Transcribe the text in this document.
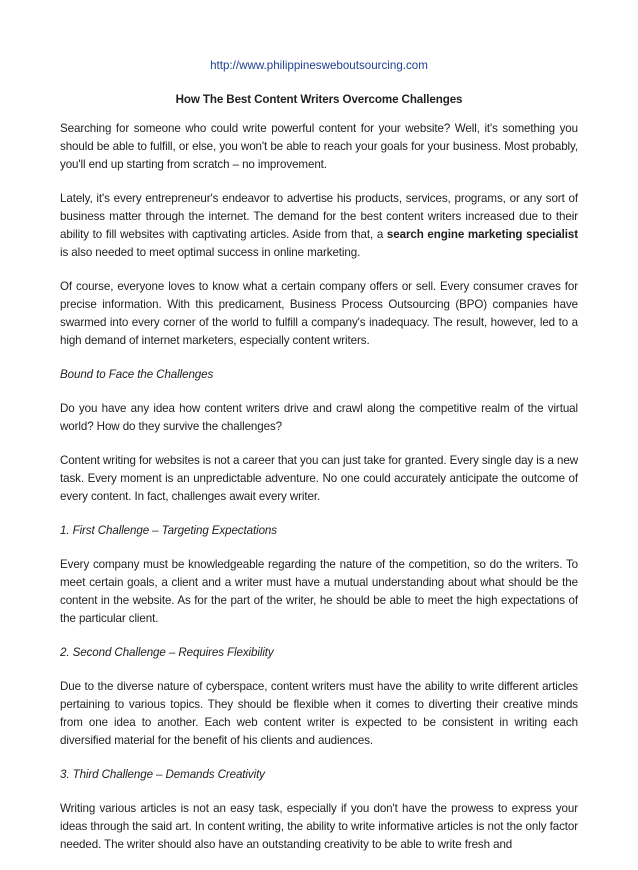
http://www.philippinesweboutsourcing.com
How The Best Content Writers Overcome Challenges

Searching for someone who could write powerful content for your website? Well, it's something you should be able to fulfill, or else, you won't be able to reach your goals for your business. Most probably, you'll end up starting from scratch – no improvement.

Lately, it's every entrepreneur's endeavor to advertise his products, services, programs, or any sort of business matter through the internet. The demand for the best content writers increased due to their ability to fill websites with captivating articles. Aside from that, a search engine marketing specialist is also needed to meet optimal success in online marketing.

Of course, everyone loves to know what a certain company offers or sell. Every consumer craves for precise information. With this predicament, Business Process Outsourcing (BPO) companies have swarmed into every corner of the world to fulfill a company's inadequacy. The result, however, led to a high demand of internet marketers, especially content writers.

Bound to Face the Challenges

Do you have any idea how content writers drive and crawl along the competitive realm of the virtual world? How do they survive the challenges?

Content writing for websites is not a career that you can just take for granted. Every single day is a new task. Every moment is an unpredictable adventure. No one could accurately anticipate the outcome of every content. In fact, challenges await every writer.

1. First Challenge – Targeting Expectations

Every company must be knowledgeable regarding the nature of the competition, so do the writers. To meet certain goals, a client and a writer must have a mutual understanding about what should be the content in the website. As for the part of the writer, he should be able to meet the high expectations of the particular client.

2. Second Challenge – Requires Flexibility

Due to the diverse nature of cyberspace, content writers must have the ability to write different articles pertaining to various topics. They should be flexible when it comes to diverting their creative minds from one idea to another. Each web content writer is expected to be consistent in writing each diversified material for the benefit of his clients and audiences.

3. Third Challenge – Demands Creativity

Writing various articles is not an easy task, especially if you don't have the prowess to express your ideas through the said art. In content writing, the ability to write informative articles is not the only factor needed. The writer should also have an outstanding creativity to be able to write fresh and
